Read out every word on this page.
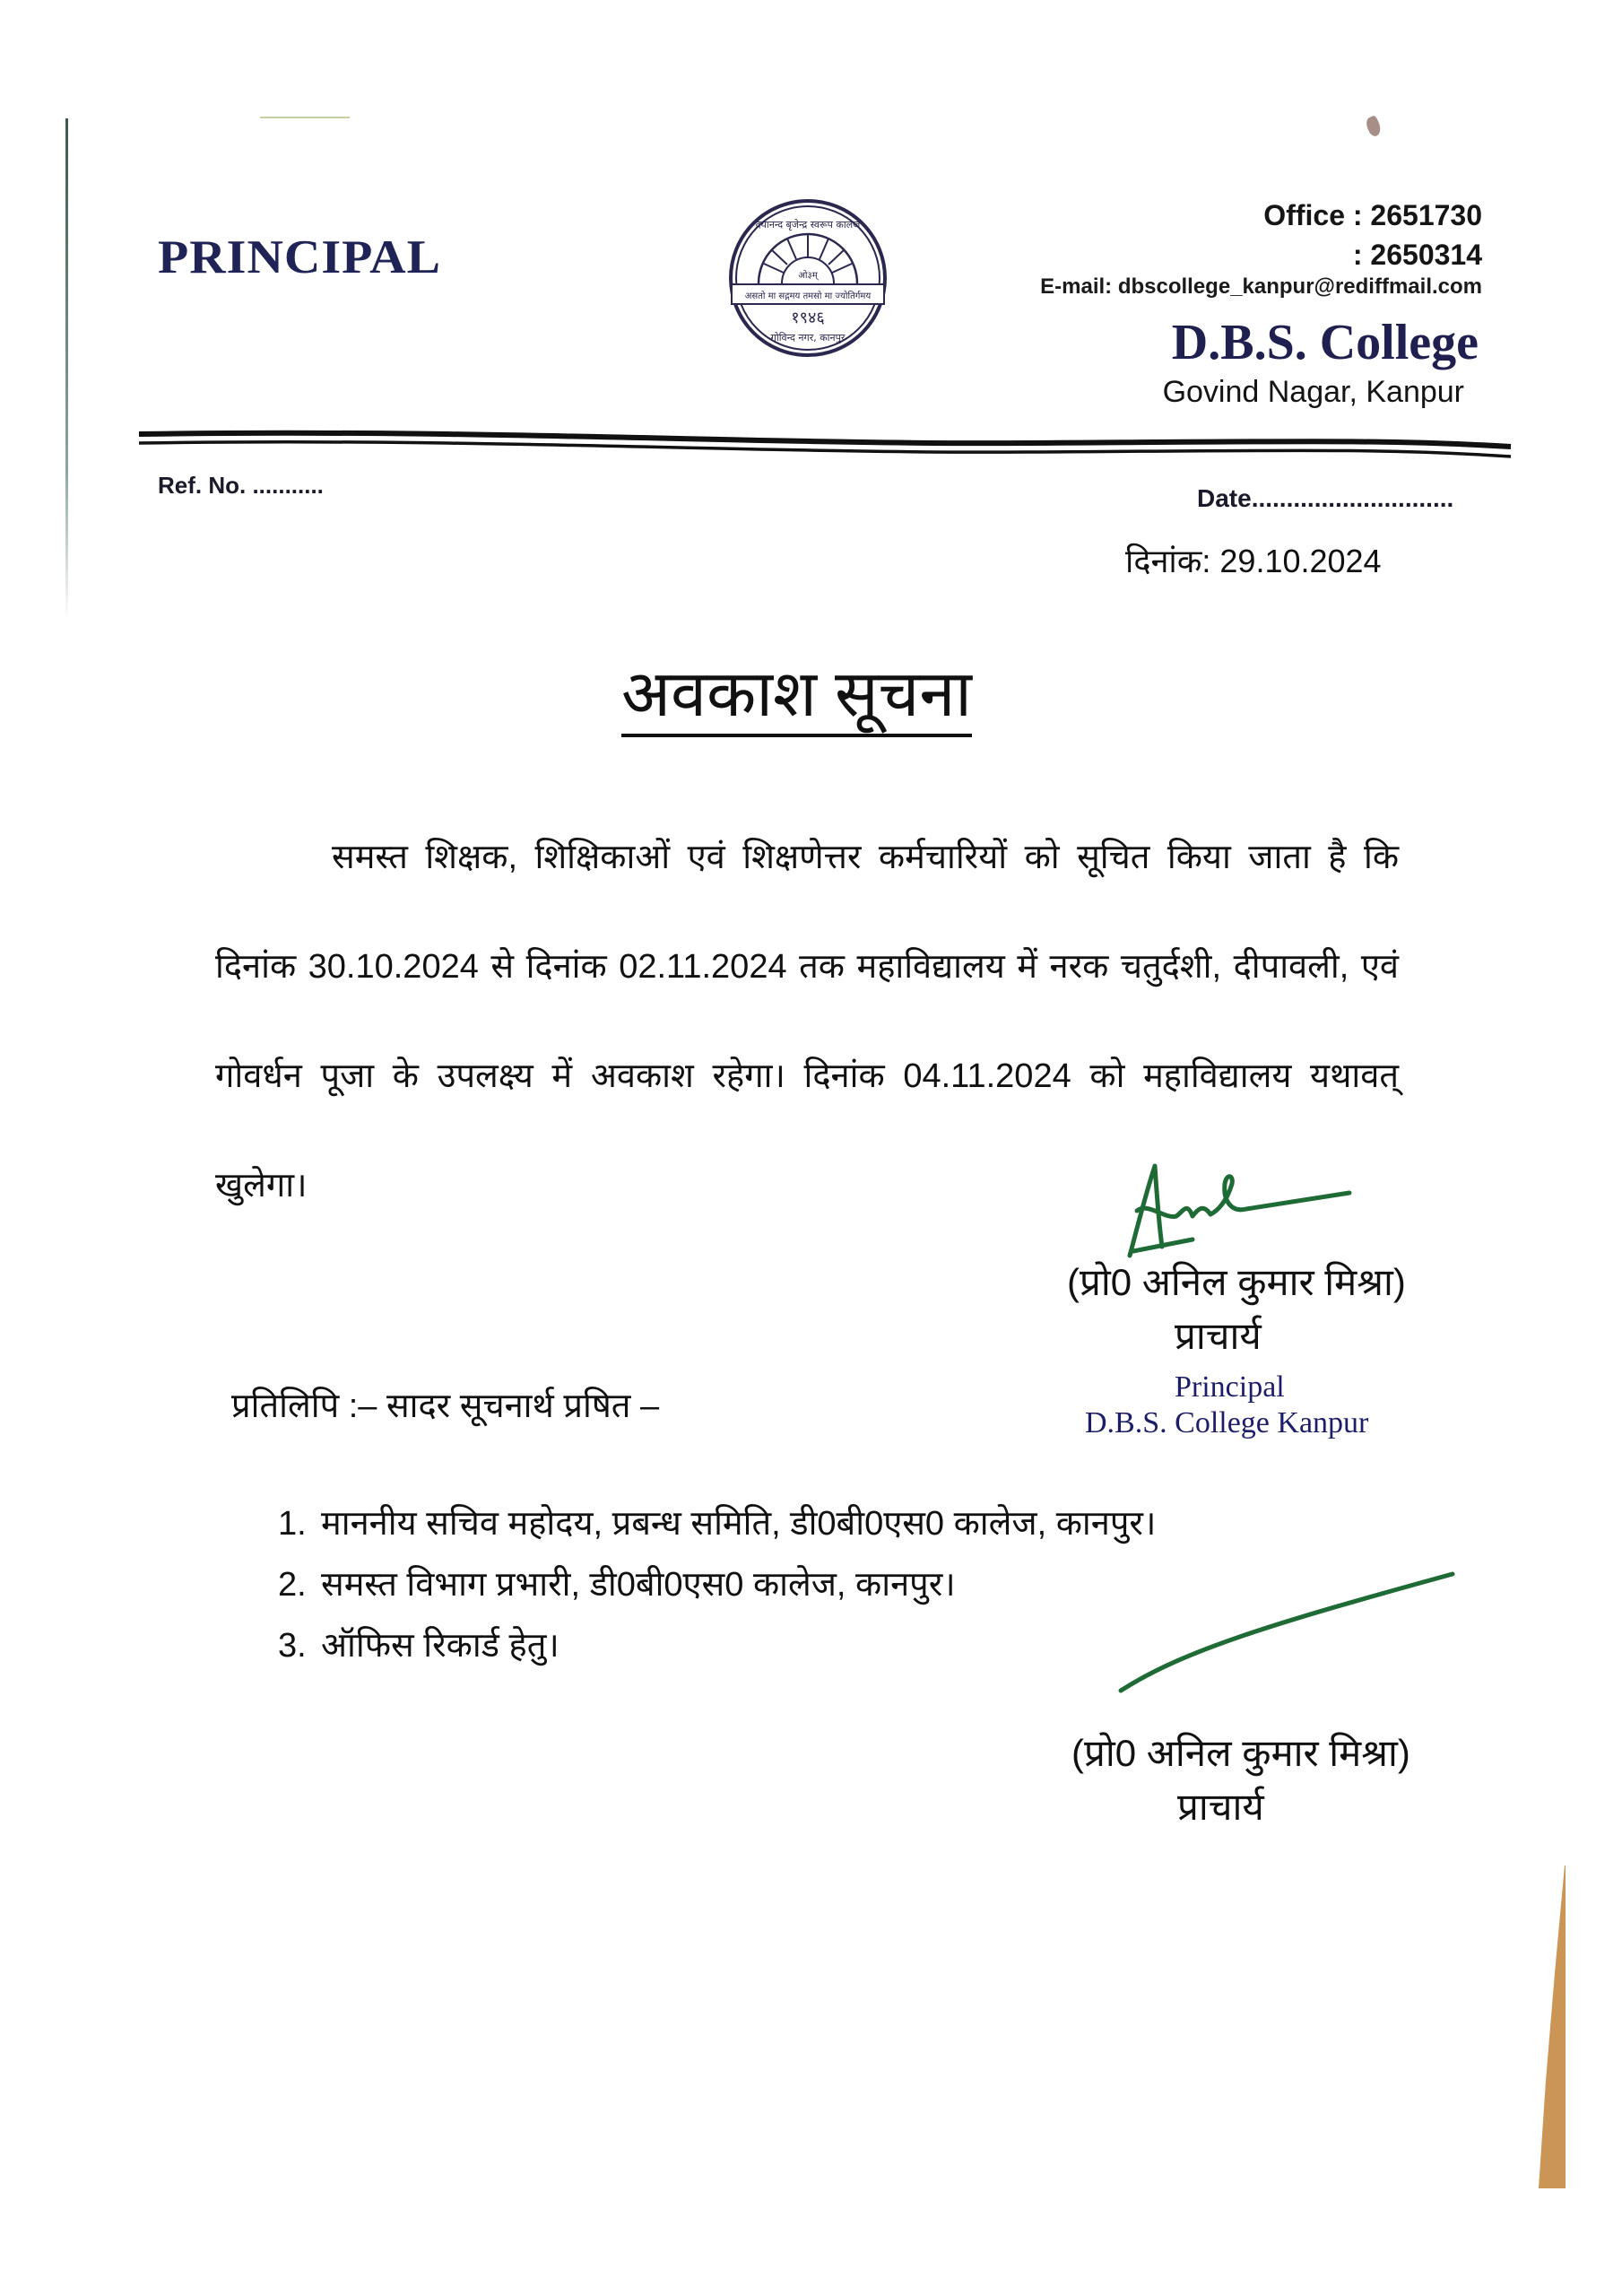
PRINCIPAL
असतो मा सद्गमय तमसो मा ज्योतिर्गमय
ओ३म्
१९४६
गोविन्द नगर, कानपुर
दयानन्द बृजेन्द्र स्वरूप कालेज	Office : 2651730
: 2650314
E-mail: dbscollege_kanpur@rediffmail.com
D.B.S. College
Govind Nagar, Kanpur
Ref. No. ...........	Date.............................
दिनांक: 29.10.2024
अवकाश सूचना

समस्त शिक्षक, शिक्षिकाओं एवं शिक्षणेत्तर कर्मचारियों को सूचित किया जाता है कि दिनांक 30.10.2024 से दिनांक 02.11.2024 तक महाविद्यालय में नरक चतुर्दशी, दीपावली, एवं गोवर्धन पूजा के उपलक्ष्य में अवकाश रहेगा। दिनांक 04.11.2024 को महाविद्यालय यथावत् खुलेगा।

(प्रो0 अनिल कुमार मिश्रा)
प्राचार्य
Principal
D.B.S. College Kanpur
प्रतिलिपि :– सादर सूचनार्थ प्रषित –
1. माननीय सचिव महोदय, प्रबन्ध समिति, डी0बी0एस0 कालेज, कानपुर।
2. समस्त विभाग प्रभारी, डी0बी0एस0 कालेज, कानपुर।
3. ऑफिस रिकार्ड हेतु।
(प्रो0 अनिल कुमार मिश्रा)
प्राचार्य
